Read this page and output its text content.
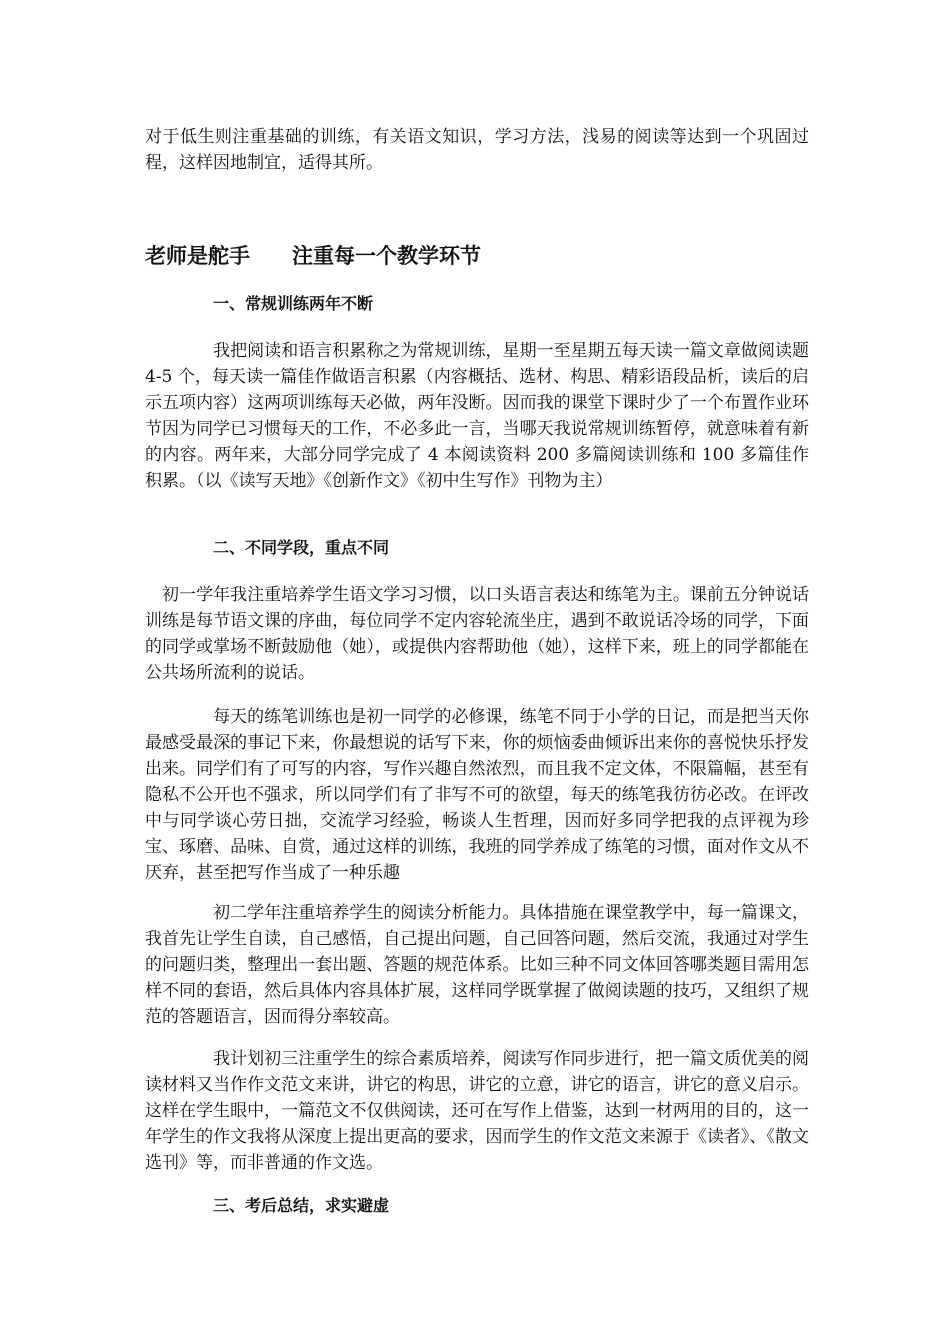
对于低生则注重基础的训练，有关语文知识，学习方法，浅易的阅读等达到一个巩固过程，这样因地制宜，适得其所。

老师是舵手　　注重每一个教学环节
一、常规训练两年不断

　　　　我把阅读和语言积累称之为常规训练，星期一至星期五每天读一篇文章做阅读题 4-5 个，每天读一篇佳作做语言积累（内容概括、选材、构思、精彩语段品析，读后的启示五项内容）这两项训练每天必做，两年没断。因而我的课堂下课时少了一个布置作业环节因为同学已习惯每天的工作，不必多此一言，当哪天我说常规训练暂停，就意味着有新的内容。两年来，大部分同学完成了 4 本阅读资料 200 多篇阅读训练和 100 多篇佳作积累。（以《读写天地》《创新作文》《初中生写作》刊物为主）

二、不同学段，重点不同

　初一学年我注重培养学生语文学习习惯，以口头语言表达和练笔为主。课前五分钟说话训练是每节语文课的序曲，每位同学不定内容轮流坐庄，遇到不敢说话冷场的同学，下面的同学或掌场不断鼓励他（她），或提供内容帮助他（她），这样下来，班上的同学都能在公共场所流利的说话。

　　　　每天的练笔训练也是初一同学的必修课，练笔不同于小学的日记，而是把当天你最感受最深的事记下来，你最想说的话写下来，你的烦恼委曲倾诉出来你的喜悦快乐抒发出来。同学们有了可写的内容，写作兴趣自然浓烈，而且我不定文体，不限篇幅，甚至有隐私不公开也不强求，所以同学们有了非写不可的欲望，每天的练笔我彷彷必改。在评改中与同学谈心劳日拙，交流学习经验，畅谈人生哲理，因而好多同学把我的点评视为珍宝、琢磨、品味、自赏，通过这样的训练，我班的同学养成了练笔的习惯，面对作文从不厌弃，甚至把写作当成了一种乐趣

　　　　初二学年注重培养学生的阅读分析能力。具体措施在课堂教学中，每一篇课文，我首先让学生自读，自己感悟，自己提出问题，自己回答问题，然后交流，我通过对学生的问题归类，整理出一套出题、答题的规范体系。比如三种不同文体回答哪类题目需用怎样不同的套语，然后具体内容具体扩展，这样同学既掌握了做阅读题的技巧，又组织了规范的答题语言，因而得分率较高。

　　　　我计划初三注重学生的综合素质培养，阅读写作同步进行，把一篇文质优美的阅读材料又当作作文范文来讲，讲它的构思，讲它的立意，讲它的语言，讲它的意义启示。这样在学生眼中，一篇范文不仅供阅读，还可在写作上借鉴，达到一材两用的目的，这一年学生的作文我将从深度上提出更高的要求，因而学生的作文范文来源于《读者》、《散文选刊》等，而非普通的作文选。

三、考后总结，求实避虚
